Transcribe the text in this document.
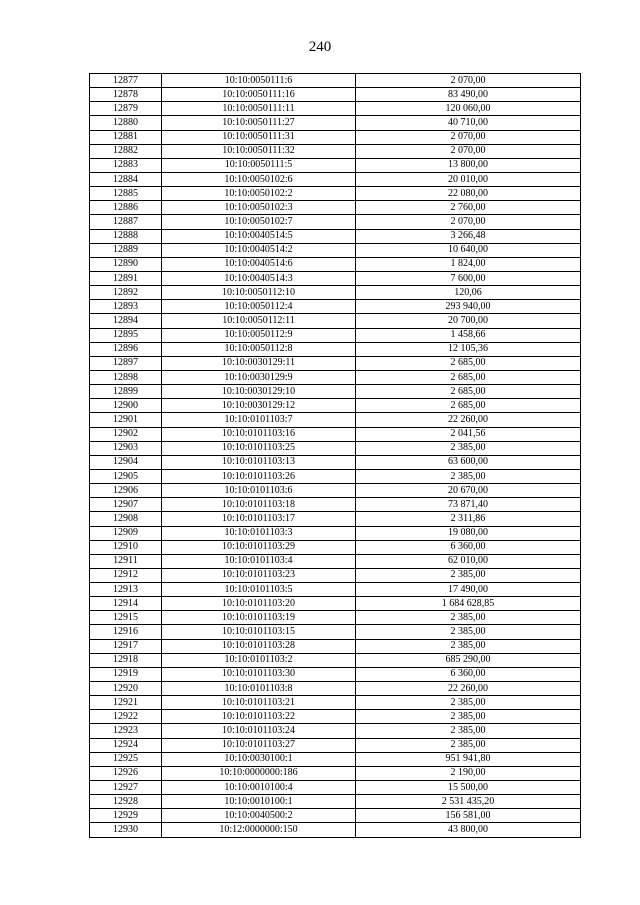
240
12877	10:10:0050111:6	2 070,00
12878	10:10:0050111:16	83 490,00
12879	10:10:0050111:11	120 060,00
12880	10:10:0050111:27	40 710,00
12881	10:10:0050111:31	2 070,00
12882	10:10:0050111:32	2 070,00
12883	10:10:0050111:5	13 800,00
12884	10:10:0050102:6	20 010,00
12885	10:10:0050102:2	22 080,00
12886	10:10:0050102:3	2 760,00
12887	10:10:0050102:7	2 070,00
12888	10:10:0040514:5	3 266,48
12889	10:10:0040514:2	10 640,00
12890	10:10:0040514:6	1 824,00
12891	10:10:0040514:3	7 600,00
12892	10:10:0050112:10	120,06
12893	10:10:0050112:4	293 940,00
12894	10:10:0050112:11	20 700,00
12895	10:10:0050112:9	1 458,66
12896	10:10:0050112:8	12 105,36
12897	10:10:0030129:11	2 685,00
12898	10:10:0030129:9	2 685,00
12899	10:10:0030129:10	2 685,00
12900	10:10:0030129:12	2 685,00
12901	10:10:0101103:7	22 260,00
12902	10:10:0101103:16	2 041,56
12903	10:10:0101103:25	2 385,00
12904	10:10:0101103:13	63 600,00
12905	10:10:0101103:26	2 385,00
12906	10:10:0101103:6	20 670,00
12907	10:10:0101103:18	73 871,40
12908	10:10:0101103:17	2 311,86
12909	10:10:0101103:3	19 080,00
12910	10:10:0101103:29	6 360,00
12911	10:10:0101103:4	62 010,00
12912	10:10:0101103:23	2 385,00
12913	10:10:0101103:5	17 490,00
12914	10:10:0101103:20	1 684 628,85
12915	10:10:0101103:19	2 385,00
12916	10:10:0101103:15	2 385,00
12917	10:10:0101103:28	2 385,00
12918	10:10:0101103:2	685 290,00
12919	10:10:0101103:30	6 360,00
12920	10:10:0101103:8	22 260,00
12921	10:10:0101103:21	2 385,00
12922	10:10:0101103:22	2 385,00
12923	10:10:0101103:24	2 385,00
12924	10:10:0101103:27	2 385,00
12925	10:10:0030100:1	951 941,80
12926	10:10:0000000:186	2 190,00
12927	10:10:0010100:4	15 500,00
12928	10:10:0010100:1	2 531 435,20
12929	10:10:0040500:2	156 581,00
12930	10:12:0000000:150	43 800,00
